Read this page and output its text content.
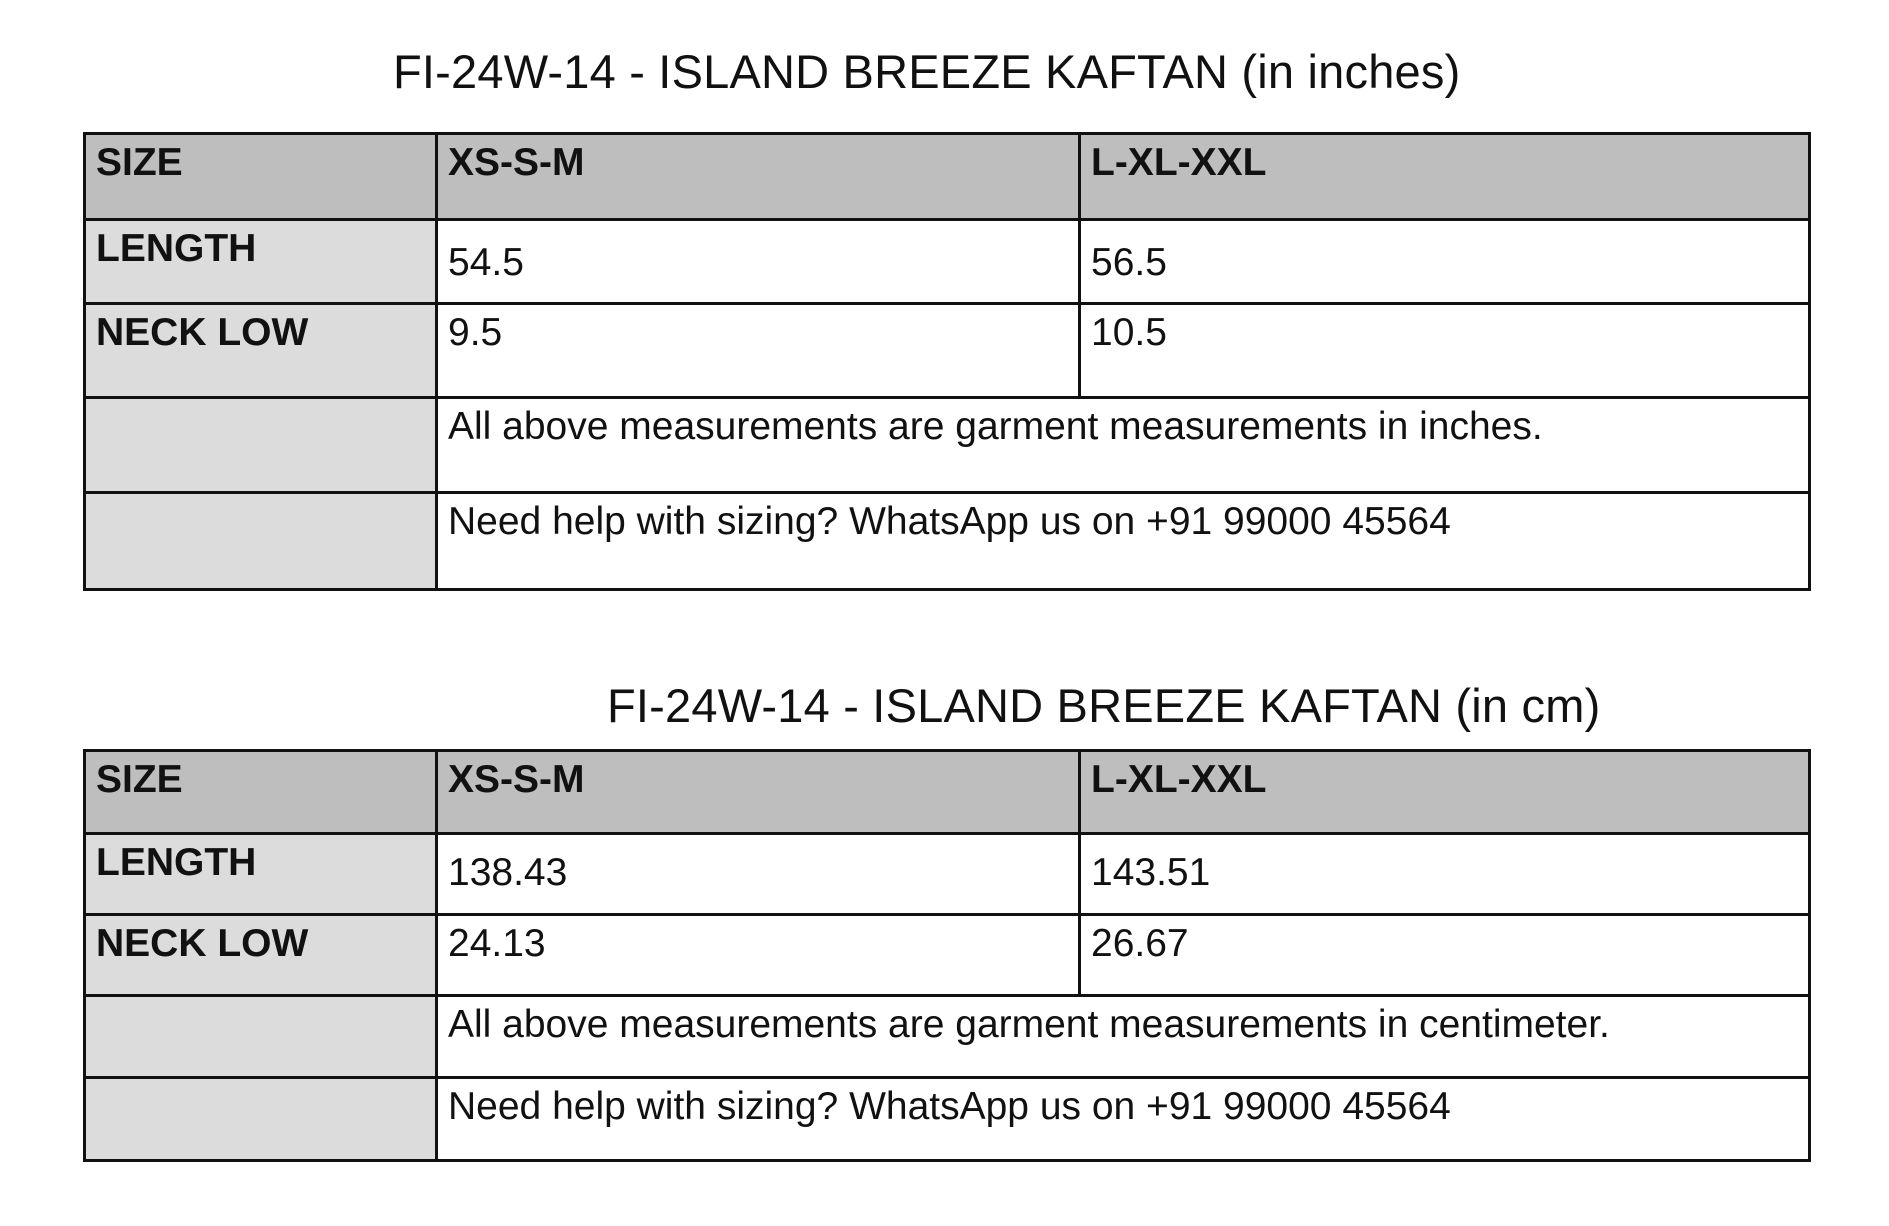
FI-24W-14 - ISLAND BREEZE KAFTAN (in inches)
SIZE	XS-S-M	L-XL-XXL
LENGTH	54.5	56.5
NECK LOW	9.5	10.5
	All above measurements are garment measurements in inches.	
	Need help with sizing? WhatsApp us on +91 99000 45564	
FI-24W-14 - ISLAND BREEZE KAFTAN (in cm)
SIZE	XS-S-M	L-XL-XXL
LENGTH	138.43	143.51
NECK LOW	24.13	26.67
	All above measurements are garment measurements in centimeter.	
	Need help with sizing? WhatsApp us on +91 99000 45564	
